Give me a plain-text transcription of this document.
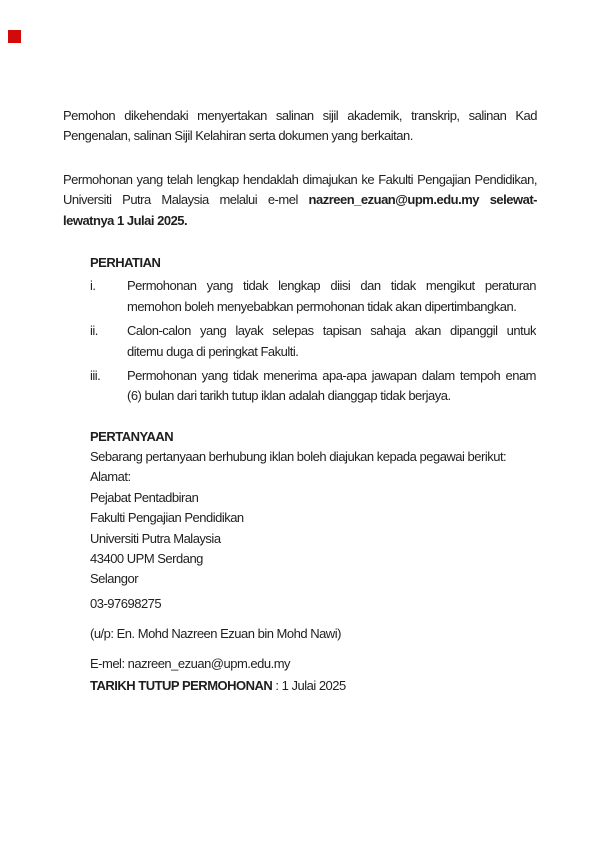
Pemohon dikehendaki menyertakan salinan sijil akademik, transkrip, salinan Kad
Pengenalan, salinan Sijil Kelahiran serta dokumen yang berkaitan.
Permohonan yang telah lengkap hendaklah dimajukan ke Fakulti Pengajian Pendidikan,
Universiti Putra Malaysia melalui e-mel nazreen_ezuan@upm.edu.my selewat-
lewatnya 1 Julai 2025.
PERHATIAN
i.	Permohonan yang tidak lengkap diisi dan tidak mengikut peraturan
memohon boleh menyebabkan permohonan tidak akan dipertimbangkan.
ii.	Calon-calon yang layak selepas tapisan sahaja akan dipanggil untuk
ditemu duga di peringkat Fakulti.
iii.	Permohonan yang tidak menerima apa-apa jawapan dalam tempoh enam
(6) bulan dari tarikh tutup iklan adalah dianggap tidak berjaya.
PERTANYAAN
Sebarang pertanyaan berhubung iklan boleh diajukan kepada pegawai berikut:
Alamat:
Pejabat Pentadbiran
Fakulti Pengajian Pendidikan
Universiti Putra Malaysia
43400 UPM Serdang
Selangor
03-97698275
(u/p: En. Mohd Nazreen Ezuan bin Mohd Nawi)
E-mel: nazreen_ezuan@upm.edu.my
TARIKH TUTUP PERMOHONAN : 1 Julai 2025
